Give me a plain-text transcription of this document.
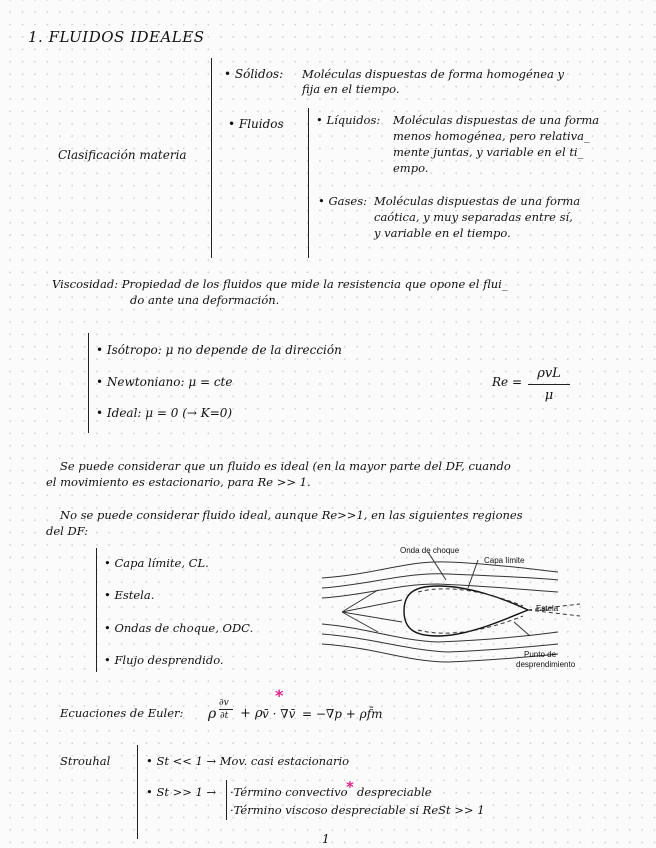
1. FLUIDOS IDEALES
Clasificación materia
• Sólidos: Moléculas dispuestas de forma homogénea y
fija en el tiempo.
• Fluidos	• Líquidos: Moléculas dispuestas de una forma
menos homogénea, pero relativa_
mente juntas, y variable en el ti_
empo.
• Gases: Moléculas dispuestas de una forma
caótica, y muy separadas entre sí,
y variable en el tiempo.
Viscosidad: Propiedad de los fluidos que mide la resistencia que opone el flui_
do ante una deformación.
• Isótropo: μ no depende de la dirección
• Newtoniano: μ = cte
• Ideal: μ = 0 (→ K=0)
Re =
ρvL
μ
Se puede considerar que un fluido es ideal (en la mayor parte del DF, cuando
el movimiento es estacionario, para Re >> 1.
No se puede considerar fluido ideal, aunque Re>>1, en las siguientes regiones
del DF:
• Capa límite, CL.
• Estela.
• Ondas de choque, ODC.
• Flujo desprendido.
Onda de choque
Capa límite
Estela
Punto de
desprendimiento
Ecuaciones de Euler: ρ
∂v
∂t + ρ v̄ · ∇v̄
*
= −∇p + ρf̄m
Strouhal	• St << 1 → Mov. casi estacionario
• St >> 1 → ·Término convectivo
* despreciable
·Término viscoso despreciable si ReSt >> 1
1
